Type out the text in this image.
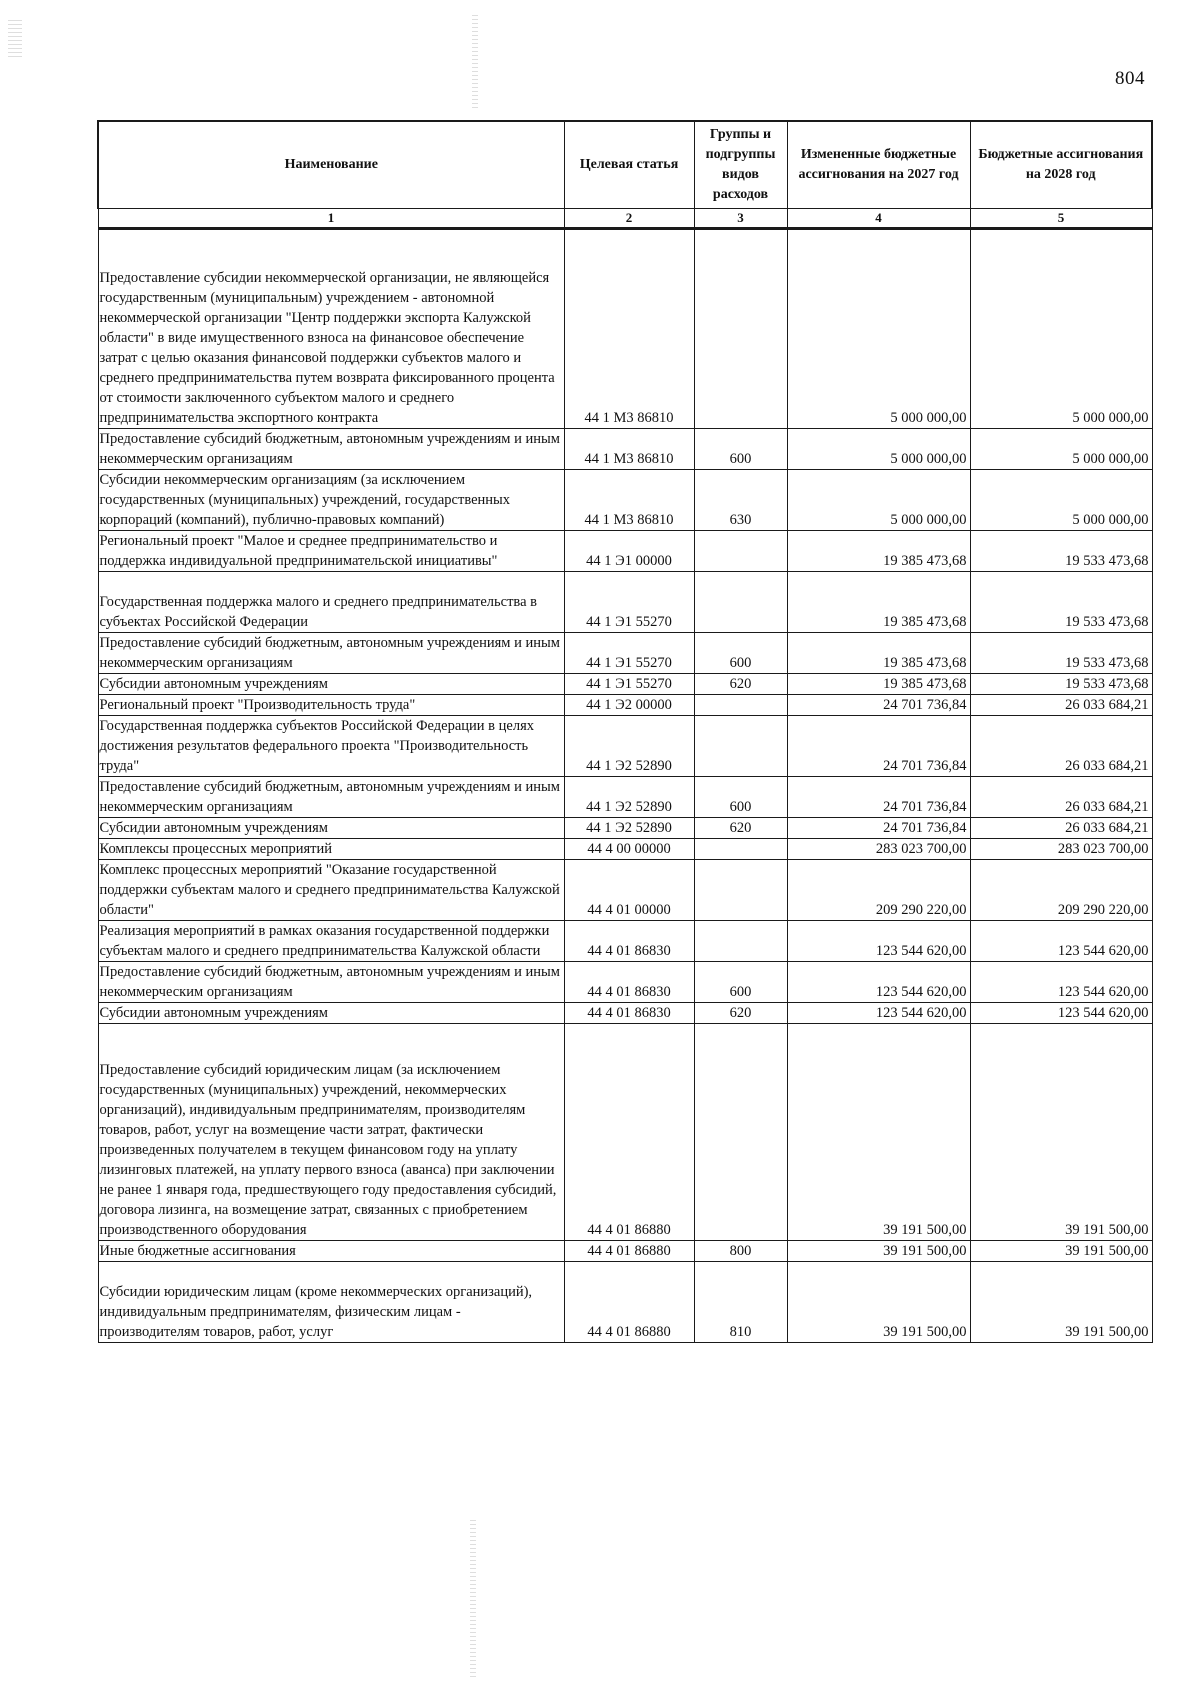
804
Наименование	Целевая статья	Группы и подгруппы видов расходов	Измененные бюджетные ассигнования на 2027 год	Бюджетные ассигнования на 2028 год
1	2	3	4	5

Предоставление субсидии некоммерческой организации, не являющейся государственным (муниципальным) учреждением - автономной некоммерческой организации "Центр поддержки экспорта Калужской области" в виде имущественного взноса на финансовое обеспечение затрат с целью оказания финансовой поддержки субъектов малого и среднего предпринимательства путем возврата фиксированного процента от стоимости заключенного субъектом малого и среднего предпринимательства экспортного контракта	44 1 М3 86810		5 000 000,00	5 000 000,00
Предоставление субсидий бюджетным, автономным учреждениям и иным некоммерческим организациям	44 1 М3 86810	600	5 000 000,00	5 000 000,00
Субсидии некоммерческим организациям (за исключением государственных (муниципальных) учреждений, государственных корпораций (компаний), публично-правовых компаний)	44 1 М3 86810	630	5 000 000,00	5 000 000,00
Региональный проект "Малое и среднее предпринимательство и поддержка индивидуальной предпринимательской инициативы"	44 1 Э1 00000		19 385 473,68	19 533 473,68

Государственная поддержка малого и среднего предпринимательства в субъектах Российской Федерации	44 1 Э1 55270		19 385 473,68	19 533 473,68
Предоставление субсидий бюджетным, автономным учреждениям и иным некоммерческим организациям	44 1 Э1 55270	600	19 385 473,68	19 533 473,68
Субсидии автономным учреждениям	44 1 Э1 55270	620	19 385 473,68	19 533 473,68
Региональный проект "Производительность труда"	44 1 Э2 00000		24 701 736,84	26 033 684,21
Государственная поддержка субъектов Российской Федерации в целях достижения результатов федерального проекта "Производительность труда"	44 1 Э2 52890		24 701 736,84	26 033 684,21
Предоставление субсидий бюджетным, автономным учреждениям и иным некоммерческим организациям	44 1 Э2 52890	600	24 701 736,84	26 033 684,21
Субсидии автономным учреждениям	44 1 Э2 52890	620	24 701 736,84	26 033 684,21
Комплексы процессных мероприятий	44 4 00 00000		283 023 700,00	283 023 700,00
Комплекс процессных мероприятий "Оказание государственной поддержки субъектам малого и среднего предпринимательства Калужской области"	44 4 01 00000		209 290 220,00	209 290 220,00
Реализация мероприятий в рамках оказания государственной поддержки субъектам малого и среднего предпринимательства Калужской области	44 4 01 86830		123 544 620,00	123 544 620,00
Предоставление субсидий бюджетным, автономным учреждениям и иным некоммерческим организациям	44 4 01 86830	600	123 544 620,00	123 544 620,00
Субсидии автономным учреждениям	44 4 01 86830	620	123 544 620,00	123 544 620,00

Предоставление субсидий юридическим лицам (за исключением государственных (муниципальных) учреждений, некоммерческих организаций), индивидуальным предпринимателям, производителям товаров, работ, услуг на возмещение части затрат, фактически произведенных получателем в текущем финансовом году на уплату лизинговых платежей, на уплату первого взноса (аванса) при заключении не ранее 1 января года, предшествующего году предоставления субсидий, договора лизинга, на возмещение затрат, связанных с приобретением производственного оборудования	44 4 01 86880		39 191 500,00	39 191 500,00
Иные бюджетные ассигнования	44 4 01 86880	800	39 191 500,00	39 191 500,00

Субсидии юридическим лицам (кроме некоммерческих организаций), индивидуальным предпринимателям, физическим лицам - производителям товаров, работ, услуг	44 4 01 86880	810	39 191 500,00	39 191 500,00
